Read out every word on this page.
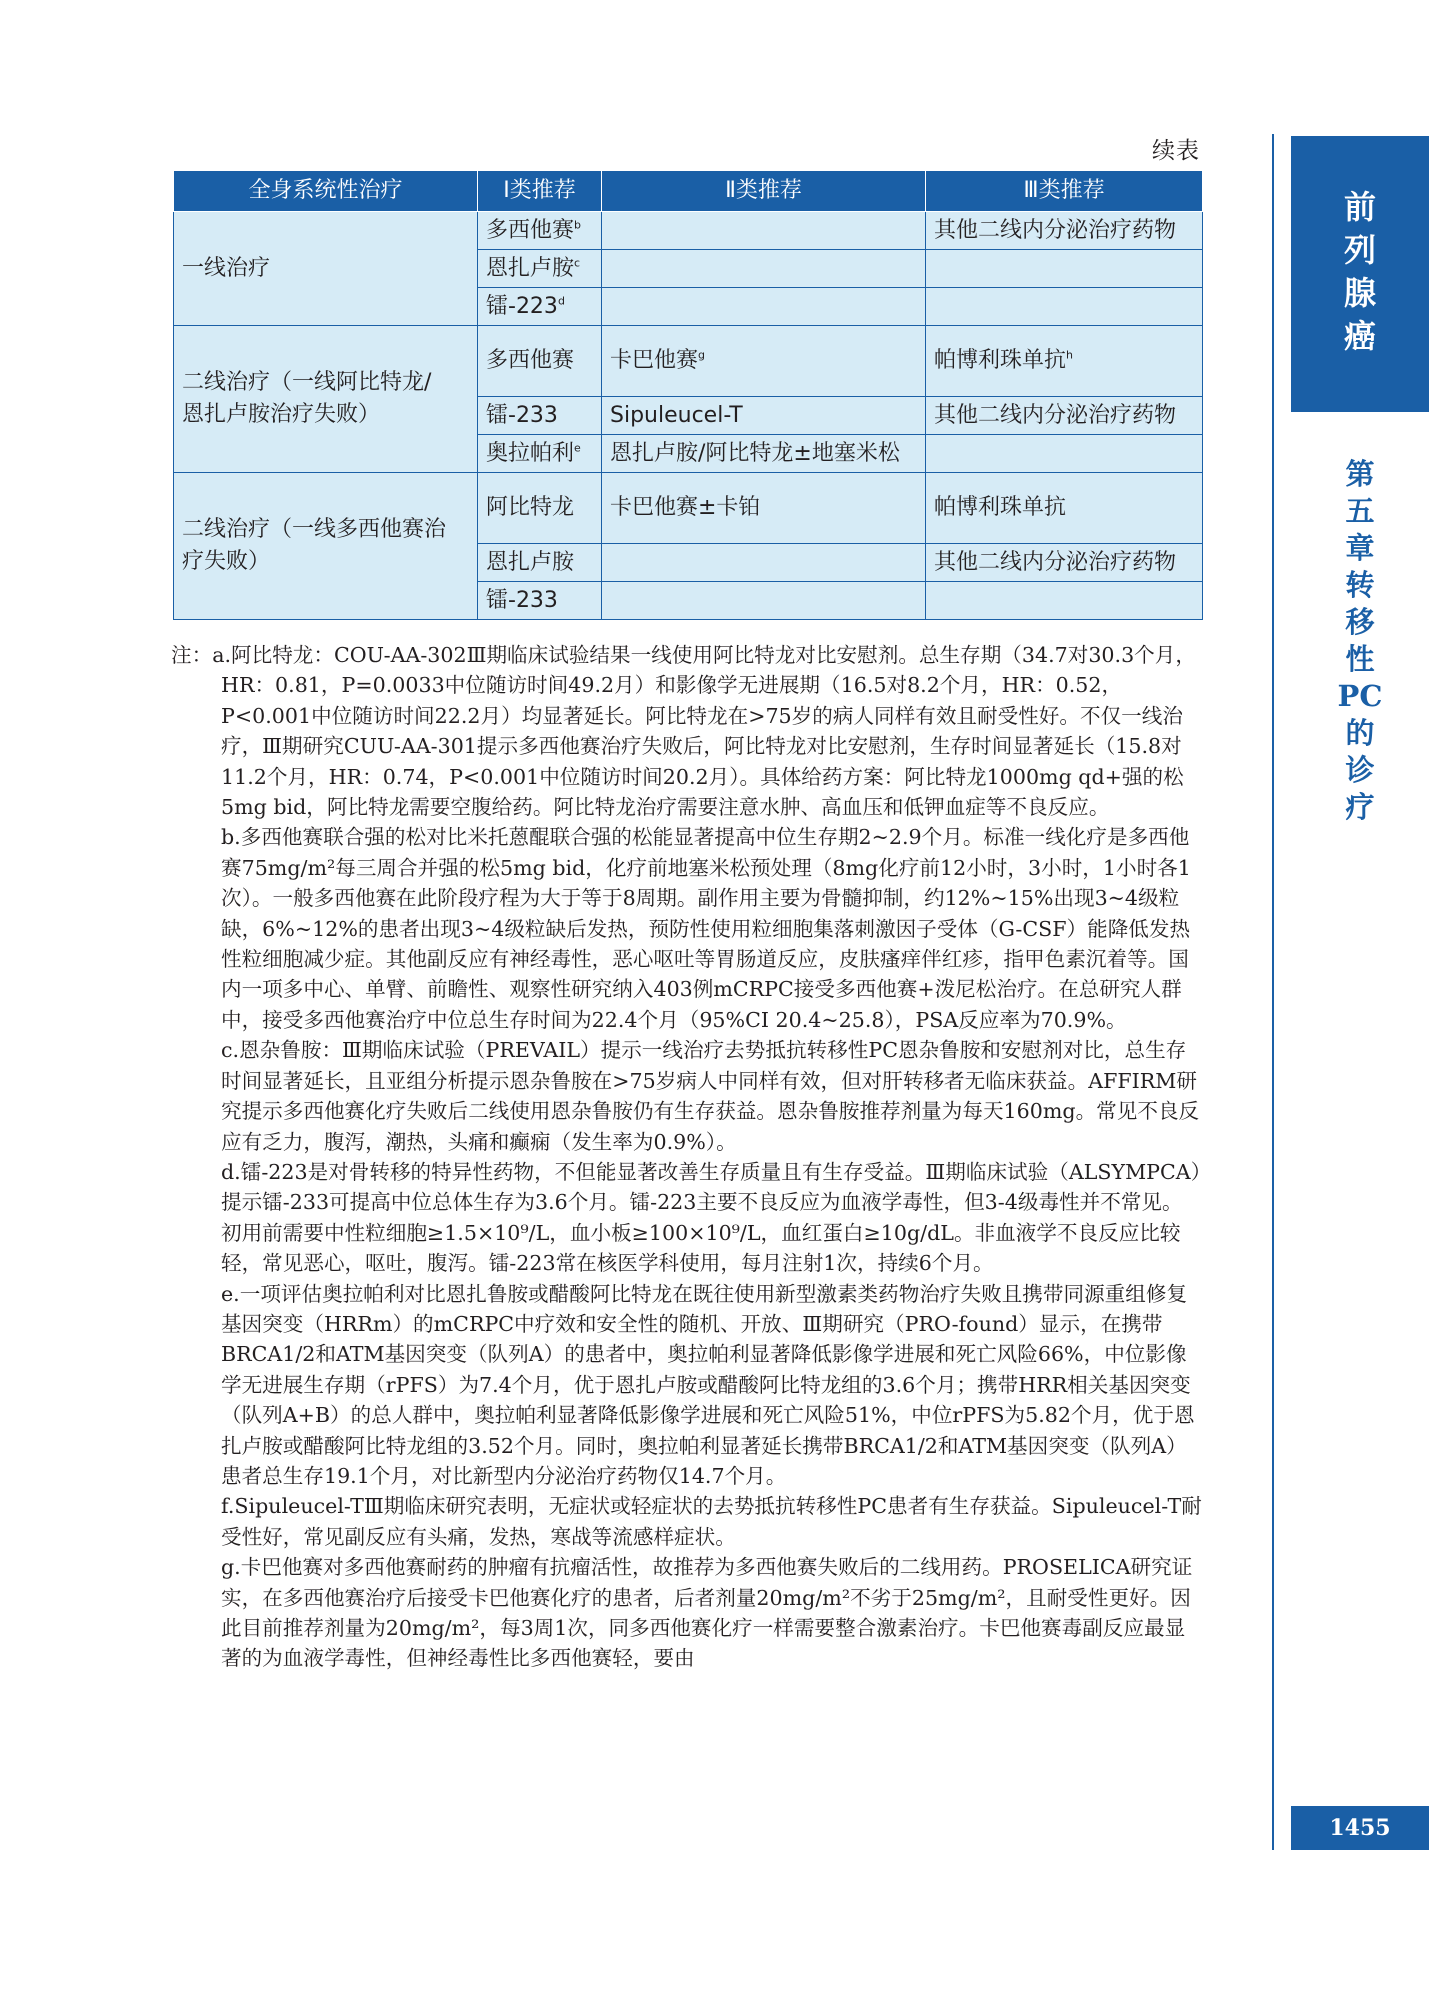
续表
全身系统性治疗	Ⅰ类推荐	Ⅱ类推荐	Ⅲ类推荐

一线治疗	多西他赛$^b$		其他二线内分泌治疗药物
	恩扎卢胺$^c$		
	镭-223$^d$		

二线治疗（一线阿比特龙/
恩扎卢胺治疗失败）	多西他赛	卡巴他赛$^g$	帕博利珠单抗$^h$
	镭-233	Sipuleucel-T	其他二线内分泌治疗药物
	奥拉帕利$^e$	恩扎卢胺/阿比特龙±地塞米松	

二线治疗（一线多西他赛治
疗失败）	阿比特龙	卡巴他赛±卡铂	帕博利珠单抗
	恩扎卢胺		其他二线内分泌治疗药物
	镭-233		

注：a.阿比特龙：COU-AA-302Ⅲ期临床试验结果一线使用阿比特龙对比安慰剂。总生存期（34.7对30.3个月，HR：0.81，P=0.0033中位随访时间49.2月）和影像学无进展期（16.5对8.2个月，HR：0.52，P<0.001中位随访时间22.2月）均显著延长。阿比特龙在>75岁的病人同样有效且耐受性好。不仅一线治疗，Ⅲ期研究CUU-AA-301提示多西他赛治疗失败后，阿比特龙对比安慰剂，生存时间显著延长（15.8对11.2个月，HR：0.74，P<0.001中位随访时间20.2月）。具体给药方案：阿比特龙1000mg qd+强的松5mg bid，阿比特龙需要空腹给药。阿比特龙治疗需要注意水肿、高血压和低钾血症等不良反应。

b.多西他赛联合强的松对比米托蒽醌联合强的松能显著提高中位生存期2~2.9个月。标准一线化疗是多西他赛75mg/m²每三周合并强的松5mg bid，化疗前地塞米松预处理（8mg化疗前12小时，3小时，1小时各1次）。一般多西他赛在此阶段疗程为大于等于8周期。副作用主要为骨髓抑制，约12%~15%出现3~4级粒缺，6%~12%的患者出现3~4级粒缺后发热，预防性使用粒细胞集落刺激因子受体（G-CSF）能降低发热性粒细胞减少症。其他副反应有神经毒性，恶心呕吐等胃肠道反应，皮肤瘙痒伴红疹，指甲色素沉着等。国内一项多中心、单臂、前瞻性、观察性研究纳入403例mCRPC接受多西他赛+泼尼松治疗。在总研究人群中，接受多西他赛治疗中位总生存时间为22.4个月（95%CI 20.4~25.8），PSA反应率为70.9%。

c.恩杂鲁胺：Ⅲ期临床试验（PREVAIL）提示一线治疗去势抵抗转移性PC恩杂鲁胺和安慰剂对比，总生存时间显著延长，且亚组分析提示恩杂鲁胺在>75岁病人中同样有效，但对肝转移者无临床获益。AFFIRM研究提示多西他赛化疗失败后二线使用恩杂鲁胺仍有生存获益。恩杂鲁胺推荐剂量为每天160mg。常见不良反应有乏力，腹泻，潮热，头痛和癫痫（发生率为0.9%）。

d.镭-223是对骨转移的特异性药物，不但能显著改善生存质量且有生存受益。Ⅲ期临床试验（ALSYMPCA）提示镭-233可提高中位总体生存为3.6个月。镭-223主要不良反应为血液学毒性，但3-4级毒性并不常见。初用前需要中性粒细胞≥1.5×10⁹/L，血小板≥100×10⁹/L，血红蛋白≥10g/dL。非血液学不良反应比较轻，常见恶心，呕吐，腹泻。镭-223常在核医学科使用，每月注射1次，持续6个月。

e.一项评估奥拉帕利对比恩扎鲁胺或醋酸阿比特龙在既往使用新型激素类药物治疗失败且携带同源重组修复基因突变（HRRm）的mCRPC中疗效和安全性的随机、开放、Ⅲ期研究（PRO-found）显示，在携带BRCA1/2和ATM基因突变（队列A）的患者中，奥拉帕利显著降低影像学进展和死亡风险66%，中位影像学无进展生存期（rPFS）为7.4个月，优于恩扎卢胺或醋酸阿比特龙组的3.6个月；携带HRR相关基因突变（队列A+B）的总人群中，奥拉帕利显著降低影像学进展和死亡风险51%，中位rPFS为5.82个月，优于恩扎卢胺或醋酸阿比特龙组的3.52个月。同时，奥拉帕利显著延长携带BRCA1/2和ATM基因突变（队列A）患者总生存19.1个月，对比新型内分泌治疗药物仅14.7个月。

f.Sipuleucel-TⅢ期临床研究表明，无症状或轻症状的去势抵抗转移性PC患者有生存获益。Sipuleucel-T耐受性好，常见副反应有头痛，发热，寒战等流感样症状。

g.卡巴他赛对多西他赛耐药的肿瘤有抗瘤活性，故推荐为多西他赛失败后的二线用药。PROSELICA研究证实，在多西他赛治疗后接受卡巴他赛化疗的患者，后者剂量20mg/m²不劣于25mg/m²，且耐受性更好。因此目前推荐剂量为20mg/m²，每3周1次，同多西他赛化疗一样需要整合激素治疗。卡巴他赛毒副反应最显著的为血液学毒性，但神经毒性比多西他赛轻，要由

前列腺癌
第五章　转移性PC的诊疗
1455
